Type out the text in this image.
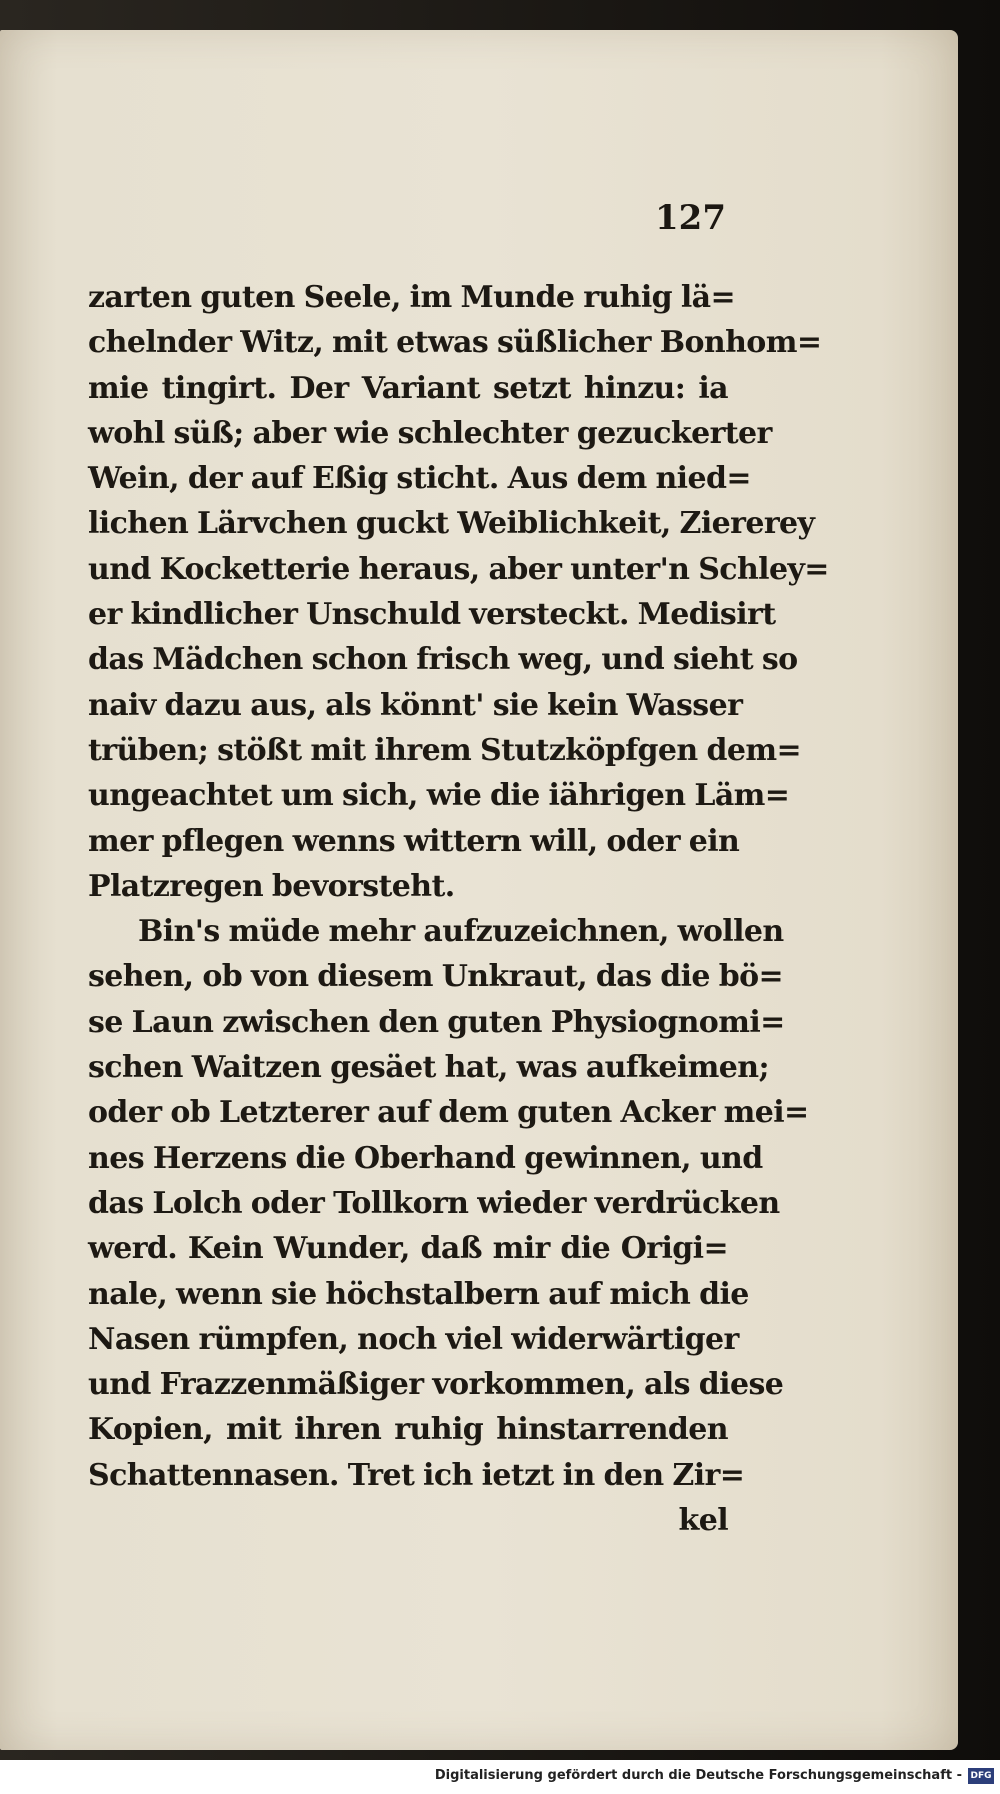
127
zarten guten Seele, im Munde ruhig lä=
chelnder Witz, mit etwas süßlicher Bonhom=
mie tingirt. Der Variant setzt hinzu: ia
wohl süß; aber wie schlechter gezuckerter
Wein, der auf Eßig sticht. Aus dem nied=
lichen Lärvchen guckt Weiblichkeit, Ziererey
und Kocketterie heraus, aber unter'n Schley=
er kindlicher Unschuld versteckt. Medisirt
das Mädchen schon frisch weg, und sieht so
naiv dazu aus, als könnt' sie kein Wasser
trüben; stößt mit ihrem Stutzköpfgen dem=
ungeachtet um sich, wie die iährigen Läm=
mer pflegen wenns wittern will, oder ein
Platzregen bevorsteht.
Bin's müde mehr aufzuzeichnen, wollen
sehen, ob von diesem Unkraut, das die bö=
se Laun zwischen den guten Physiognomi=
schen Waitzen gesäet hat, was aufkeimen;
oder ob Letzterer auf dem guten Acker mei=
nes Herzens die Oberhand gewinnen, und
das Lolch oder Tollkorn wieder verdrücken
werd. Kein Wunder, daß mir die Origi=
nale, wenn sie höchstalbern auf mich die
Nasen rümpfen, noch viel widerwärtiger
und Frazzenmäßiger vorkommen, als diese
Kopien, mit ihren ruhig hinstarrenden
Schattennasen. Tret ich ietzt in den Zir=
kel
Digitalisierung gefördert durch die Deutsche Forschungsgemeinschaft - DFG
